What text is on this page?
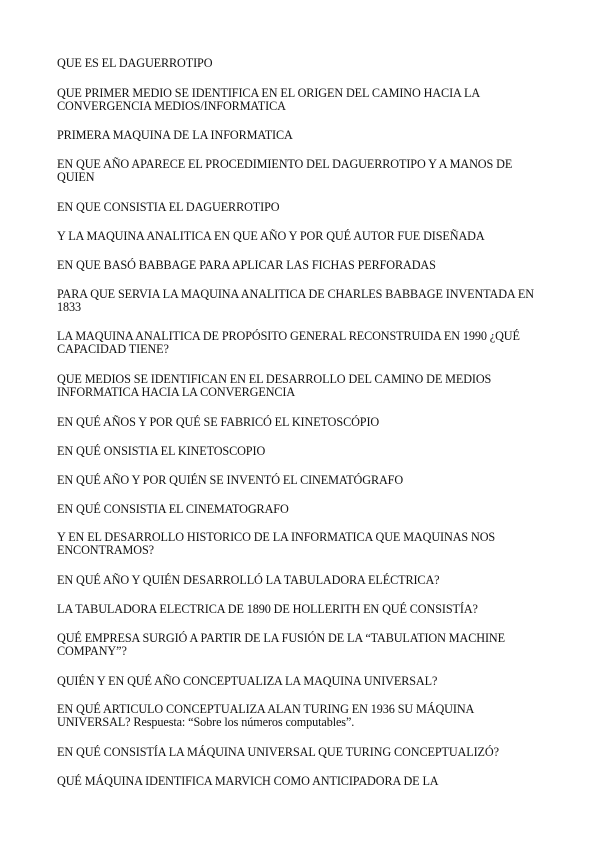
QUE ES EL DAGUERROTIPO

QUE PRIMER MEDIO SE IDENTIFICA EN EL ORIGEN DEL CAMINO HACIA LA CONVERGENCIA MEDIOS/INFORMATICA

PRIMERA MAQUINA DE LA INFORMATICA

EN QUE AÑO APARECE EL PROCEDIMIENTO DEL DAGUERROTIPO Y A MANOS DE QUIEN

EN QUE CONSISTIA EL DAGUERROTIPO

Y LA MAQUINA ANALITICA EN QUE AÑO Y POR QUÉ AUTOR FUE DISEÑADA

EN QUE BASÓ BABBAGE PARA APLICAR LAS FICHAS PERFORADAS

PARA QUE SERVIA LA MAQUINA ANALITICA DE CHARLES BABBAGE INVENTADA EN 1833

LA MAQUINA ANALITICA DE PROPÓSITO GENERAL RECONSTRUIDA EN 1990 ¿QUÉ CAPACIDAD TIENE?

QUE MEDIOS SE IDENTIFICAN EN EL DESARROLLO DEL CAMINO DE MEDIOS INFORMATICA HACIA LA CONVERGENCIA

EN QUÉ AÑOS Y POR QUÉ SE FABRICÓ EL KINETOSCÓPIO

EN QUÉ ONSISTIA EL KINETOSCOPIO

EN QUÉ AÑO Y POR QUIÉN SE INVENTÓ EL CINEMATÓGRAFO

EN QUÉ CONSISTIA EL CINEMATOGRAFO

Y EN EL DESARROLLO HISTORICO DE LA INFORMATICA QUE MAQUINAS NOS ENCONTRAMOS?

EN QUÉ AÑO Y QUIÉN DESARROLLÓ LA TABULADORA ELÉCTRICA?

LA TABULADORA ELECTRICA DE 1890 DE HOLLERITH EN QUÉ CONSISTÍA?

QUÉ EMPRESA SURGIÓ A PARTIR DE LA FUSIÓN DE LA “TABULATION MACHINE COMPANY”?

QUIÉN Y EN QUÉ AÑO CONCEPTUALIZA LA MAQUINA UNIVERSAL?

EN QUÉ ARTICULO CONCEPTUALIZA ALAN TURING EN 1936 SU MÁQUINA UNIVERSAL? Respuesta: “Sobre los números computables”.

EN QUÉ CONSISTÍA LA MÁQUINA UNIVERSAL QUE TURING CONCEPTUALIZÓ?

QUÉ MÁQUINA IDENTIFICA MARVICH COMO ANTICIPADORA DE LA
